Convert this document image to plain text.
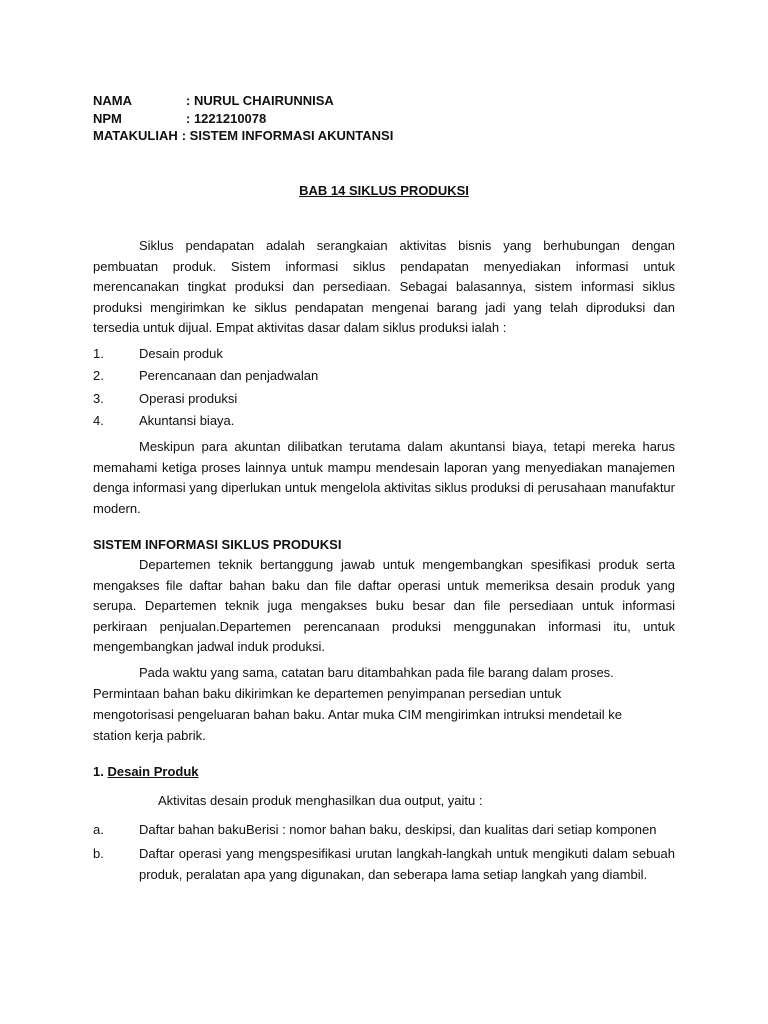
NAMA	: NURUL CHAIRUNNISA
NPM	: 1221210078
MATAKULIAH : SISTEM INFORMASI AKUNTANSI
BAB 14 SIKLUS PRODUKSI

Siklus pendapatan adalah serangkaian aktivitas bisnis yang berhubungan dengan pembuatan produk. Sistem informasi siklus pendapatan menyediakan informasi untuk merencanakan tingkat produksi dan persediaan. Sebagai balasannya, sistem informasi siklus produksi mengirimkan ke siklus pendapatan mengenai barang jadi yang telah diproduksi dan tersedia untuk dijual. Empat aktivitas dasar dalam siklus produksi ialah :

1.	Desain produk
2.	Perencanaan dan penjadwalan
3.	Operasi produksi
4.	Akuntansi biaya.

Meskipun para akuntan dilibatkan terutama dalam akuntansi biaya, tetapi mereka harus memahami ketiga proses lainnya untuk mampu mendesain laporan yang menyediakan manajemen denga informasi yang diperlukan untuk mengelola aktivitas siklus produksi di perusahaan manufaktur modern.

SISTEM INFORMASI SIKLUS PRODUKSI

Departemen teknik bertanggung jawab untuk mengembangkan spesifikasi produk serta mengakses file daftar bahan baku dan file daftar operasi untuk memeriksa desain produk yang serupa. Departemen teknik juga mengakses buku besar dan file persediaan untuk informasi perkiraan penjualan.Departemen perencanaan produksi menggunakan informasi itu, untuk mengembangkan jadwal induk produksi.

Pada waktu yang sama, catatan baru ditambahkan pada file barang dalam proses.
Permintaan bahan baku dikirimkan ke departemen penyimpanan persedian untuk
mengotorisasi pengeluaran bahan baku. Antar muka CIM mengirimkan intruksi mendetail ke
station kerja pabrik.

1. Desain Produk
Aktivitas desain produk menghasilkan dua output, yaitu :
a.	Daftar bahan bakuBerisi : nomor bahan baku, deskipsi, dan kualitas dari setiap komponen
b.	Daftar operasi yang mengspesifikasi urutan langkah-langkah untuk mengikuti dalam sebuah produk, peralatan apa yang digunakan, dan seberapa lama setiap langkah yang diambil.
